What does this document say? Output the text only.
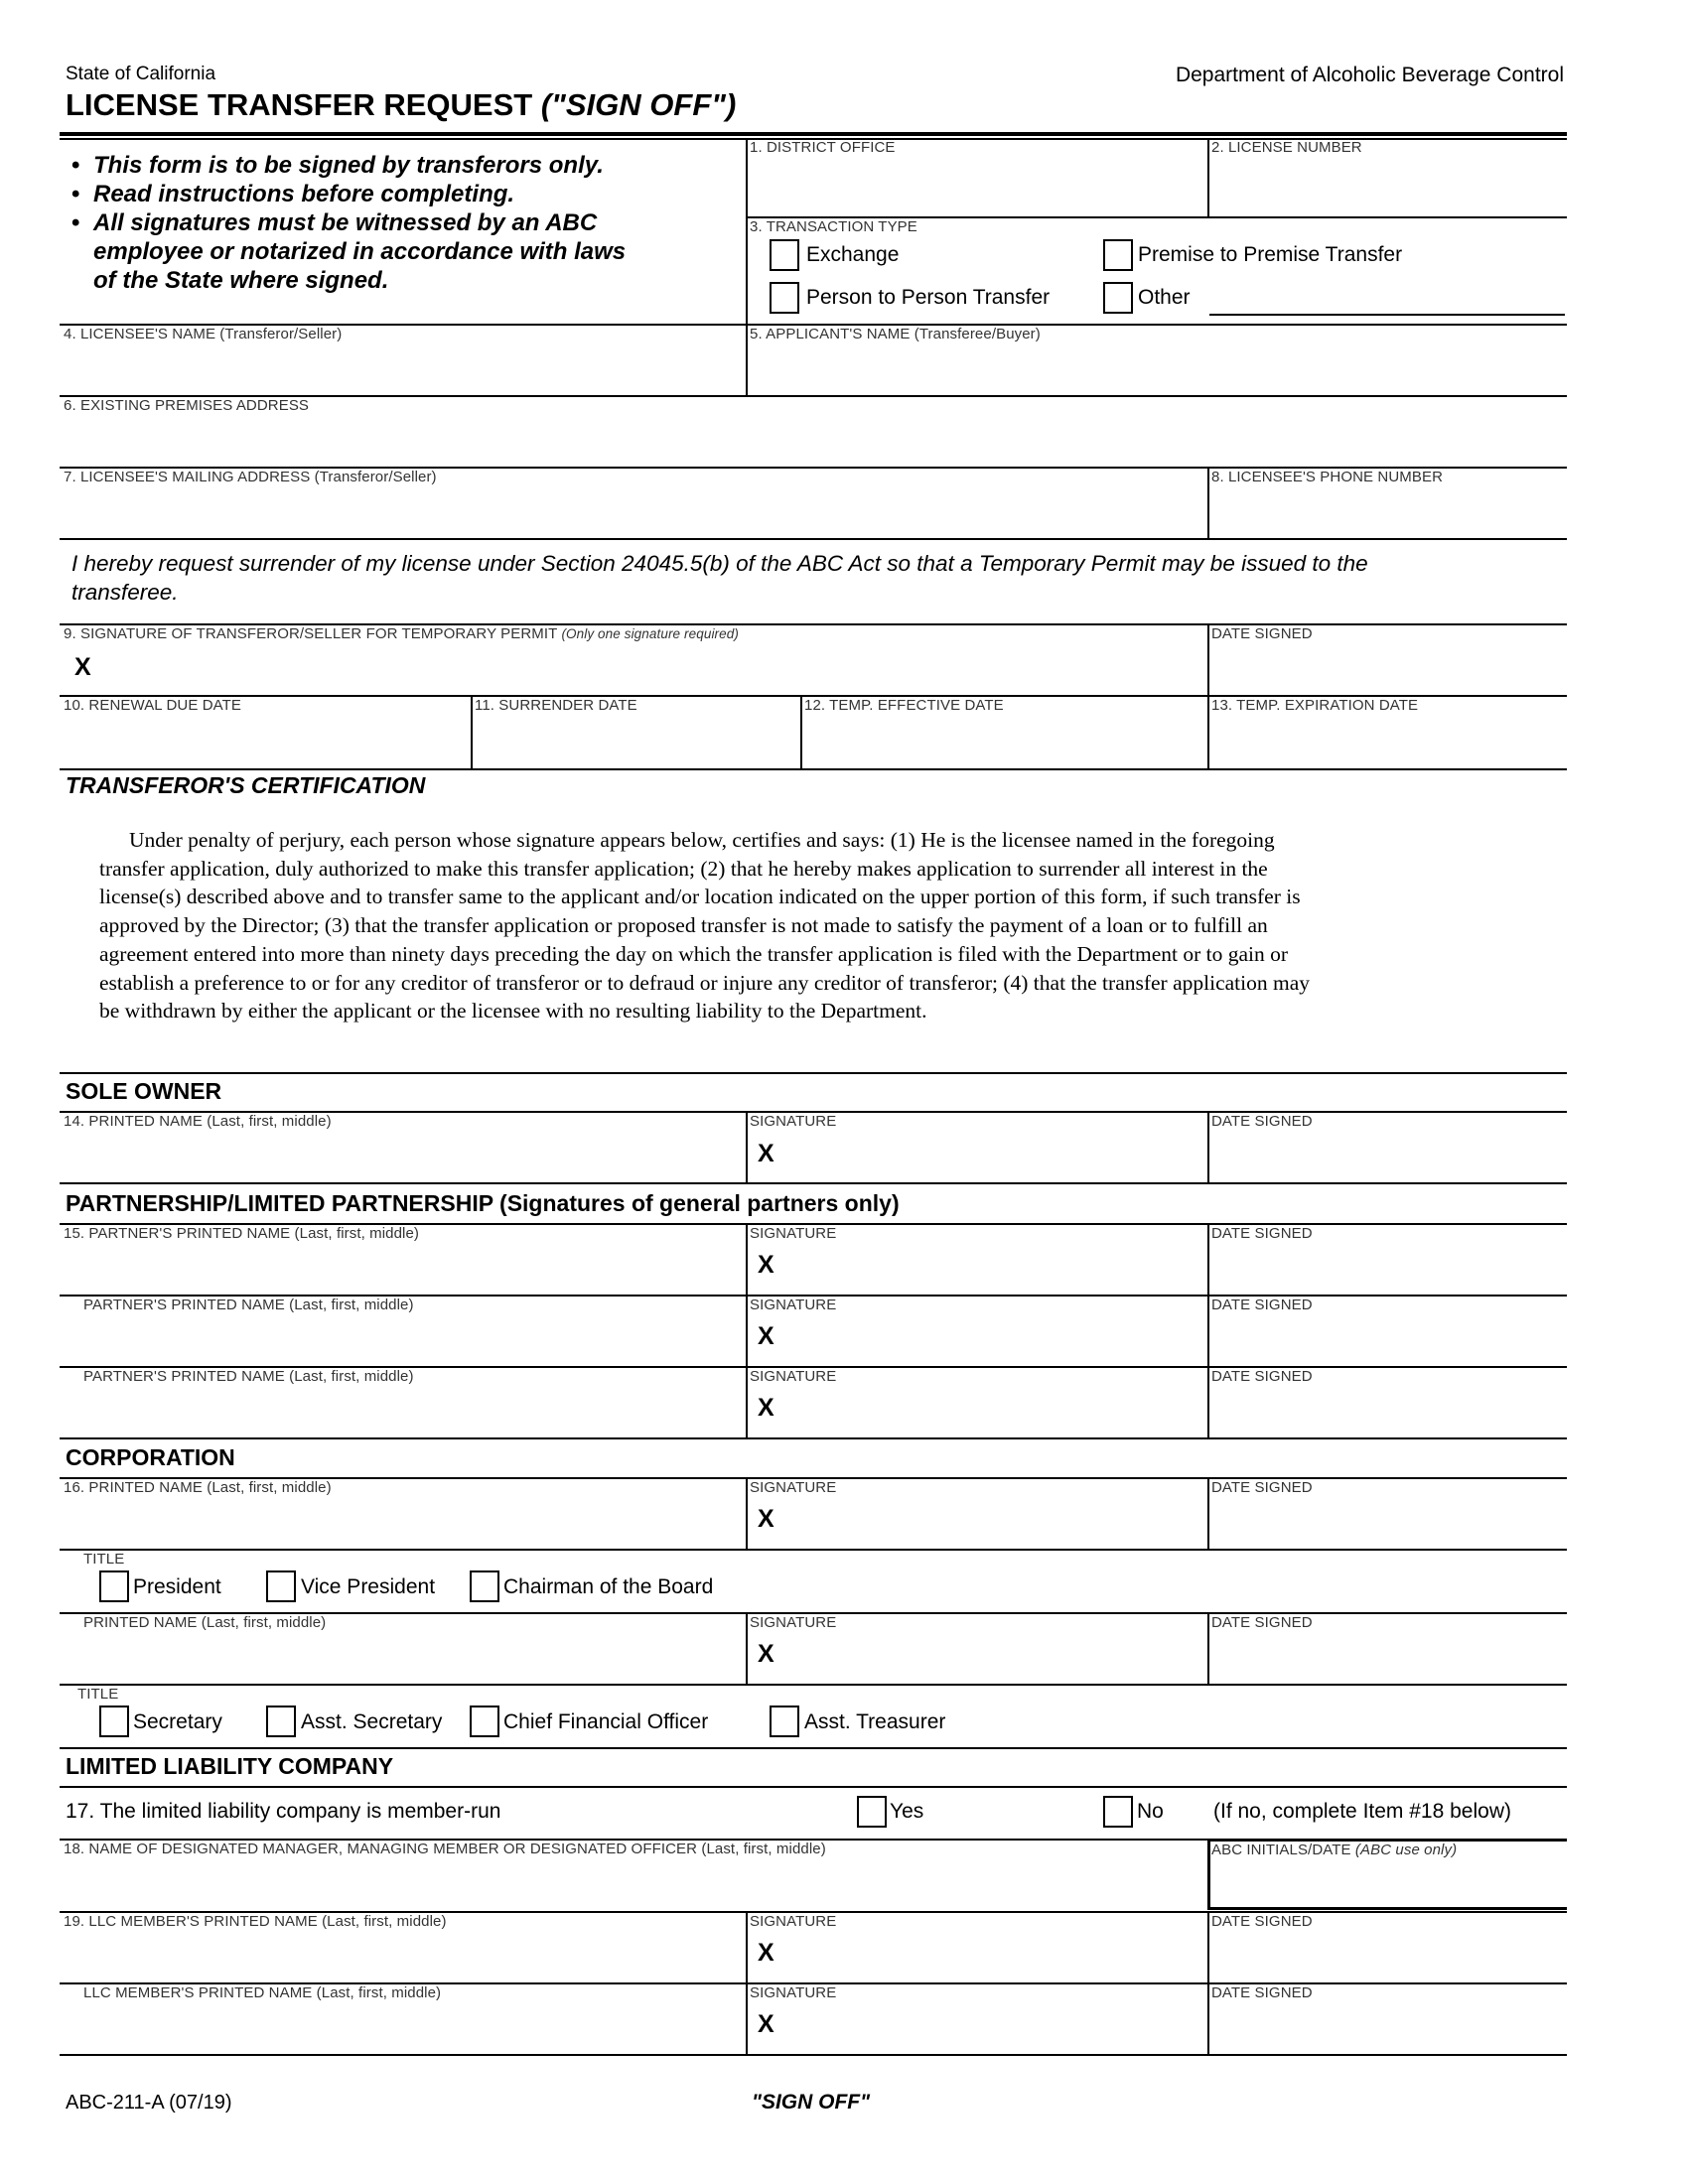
State of California	Department of Alcoholic Beverage Control
LICENSE TRANSFER REQUEST ("SIGN OFF")
• This form is to be signed by transferors only.
• Read instructions before completing.
• All signatures must be witnessed by an ABC
employee or notarized in accordance with laws
of the State where signed.
1. DISTRICT OFFICE	2. LICENSE NUMBER
3. TRANSACTION TYPE
Exchange	Premise to Premise Transfer
Person to Person Transfer	Other
4. LICENSEE'S NAME (Transferor/Seller)	5. APPLICANT'S NAME (Transferee/Buyer)
6. EXISTING PREMISES ADDRESS
7. LICENSEE'S MAILING ADDRESS (Transferor/Seller)	8. LICENSEE'S PHONE NUMBER
I hereby request surrender of my license under Section 24045.5(b) of the ABC Act so that a Temporary Permit may be issued to the
transferee.
9. SIGNATURE OF TRANSFEROR/SELLER FOR TEMPORARY PERMIT (Only one signature required)
X
DATE SIGNED
10. RENEWAL DUE DATE	11. SURRENDER DATE	12. TEMP. EFFECTIVE DATE	13. TEMP. EXPIRATION DATE
TRANSFEROR'S CERTIFICATION
Under penalty of perjury, each person whose signature appears below, certifies and says: (1) He is the licensee named in the foregoing
transfer application, duly authorized to make this transfer application; (2) that he hereby makes application to surrender all interest in the
license(s) described above and to transfer same to the applicant and/or location indicated on the upper portion of this form, if such transfer is
approved by the Director; (3) that the transfer application or proposed transfer is not made to satisfy the payment of a loan or to fulfill an
agreement entered into more than ninety days preceding the day on which the transfer application is filed with the Department or to gain or
establish a preference to or for any creditor of transferor or to defraud or injure any creditor of transferor; (4) that the transfer application may
be withdrawn by either the applicant or the licensee with no resulting liability to the Department.
SOLE OWNER
14. PRINTED NAME (Last, first, middle)	SIGNATURE
X
DATE SIGNED
PARTNERSHIP/LIMITED PARTNERSHIP (Signatures of general partners only)
15. PARTNER'S PRINTED NAME (Last, first, middle)	SIGNATURE
X
DATE SIGNED
PARTNER'S PRINTED NAME (Last, first, middle)	SIGNATURE
X
DATE SIGNED
PARTNER'S PRINTED NAME (Last, first, middle)	SIGNATURE
X
DATE SIGNED
CORPORATION
16. PRINTED NAME (Last, first, middle)	SIGNATURE
X
DATE SIGNED
TITLE
President	Vice President	Chairman of the Board
PRINTED NAME (Last, first, middle)	SIGNATURE
X
DATE SIGNED
TITLE
Secretary	Asst. Secretary	Chief Financial Officer	Asst. Treasurer
LIMITED LIABILITY COMPANY
17. The limited liability company is member-run	Yes	No (If no, complete Item #18 below)
18. NAME OF DESIGNATED MANAGER, MANAGING MEMBER OR DESIGNATED OFFICER (Last, first, middle)	ABC INITIALS/DATE (ABC use only)
19. LLC MEMBER'S PRINTED NAME (Last, first, middle)	SIGNATURE
X
DATE SIGNED
LLC MEMBER'S PRINTED NAME (Last, first, middle)	SIGNATURE
X
DATE SIGNED
ABC-211-A (07/19)	"SIGN OFF"
